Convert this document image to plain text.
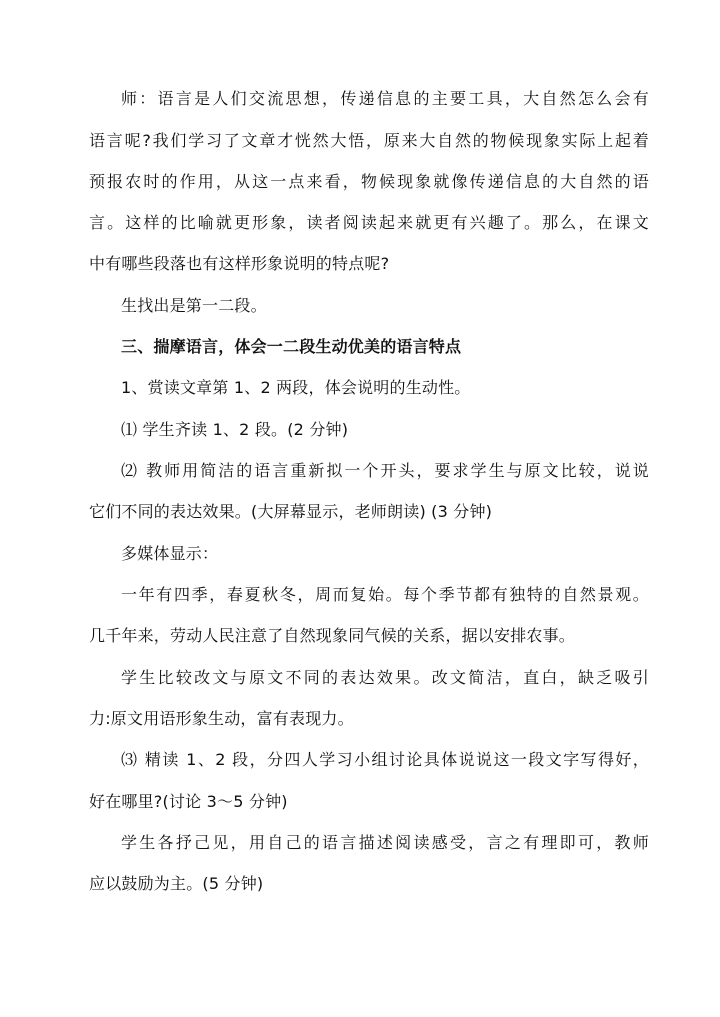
师：语言是人们交流思想，传递信息的主要工具，大自然怎么会有
语言呢?我们学习了文章才恍然大悟，原来大自然的物候现象实际上起着
预报农时的作用，从这一点来看，物候现象就像传递信息的大自然的语
言。这样的比喻就更形象，读者阅读起来就更有兴趣了。那么，在课文
中有哪些段落也有这样形象说明的特点呢?
生找出是第一二段。
三、揣摩语言，体会一二段生动优美的语言特点
1、赏读文章第 1、2 两段，体会说明的生动性。
⑴ 学生齐读 1、2 段。(2 分钟)
⑵ 教师用简洁的语言重新拟一个开头，要求学生与原文比较，说说
它们不同的表达效果。(大屏幕显示，老师朗读) (3 分钟)
多媒体显示：
一年有四季，春夏秋冬，周而复始。每个季节都有独特的自然景观。
几千年来，劳动人民注意了自然现象同气候的关系，据以安排农事。
学生比较改文与原文不同的表达效果。改文简洁，直白，缺乏吸引
力:原文用语形象生动，富有表现力。
⑶ 精读 1、2 段，分四人学习小组讨论具体说说这一段文字写得好，
好在哪里?(讨论 3～5 分钟)
学生各抒己见，用自己的语言描述阅读感受，言之有理即可，教师
应以鼓励为主。(5 分钟)
